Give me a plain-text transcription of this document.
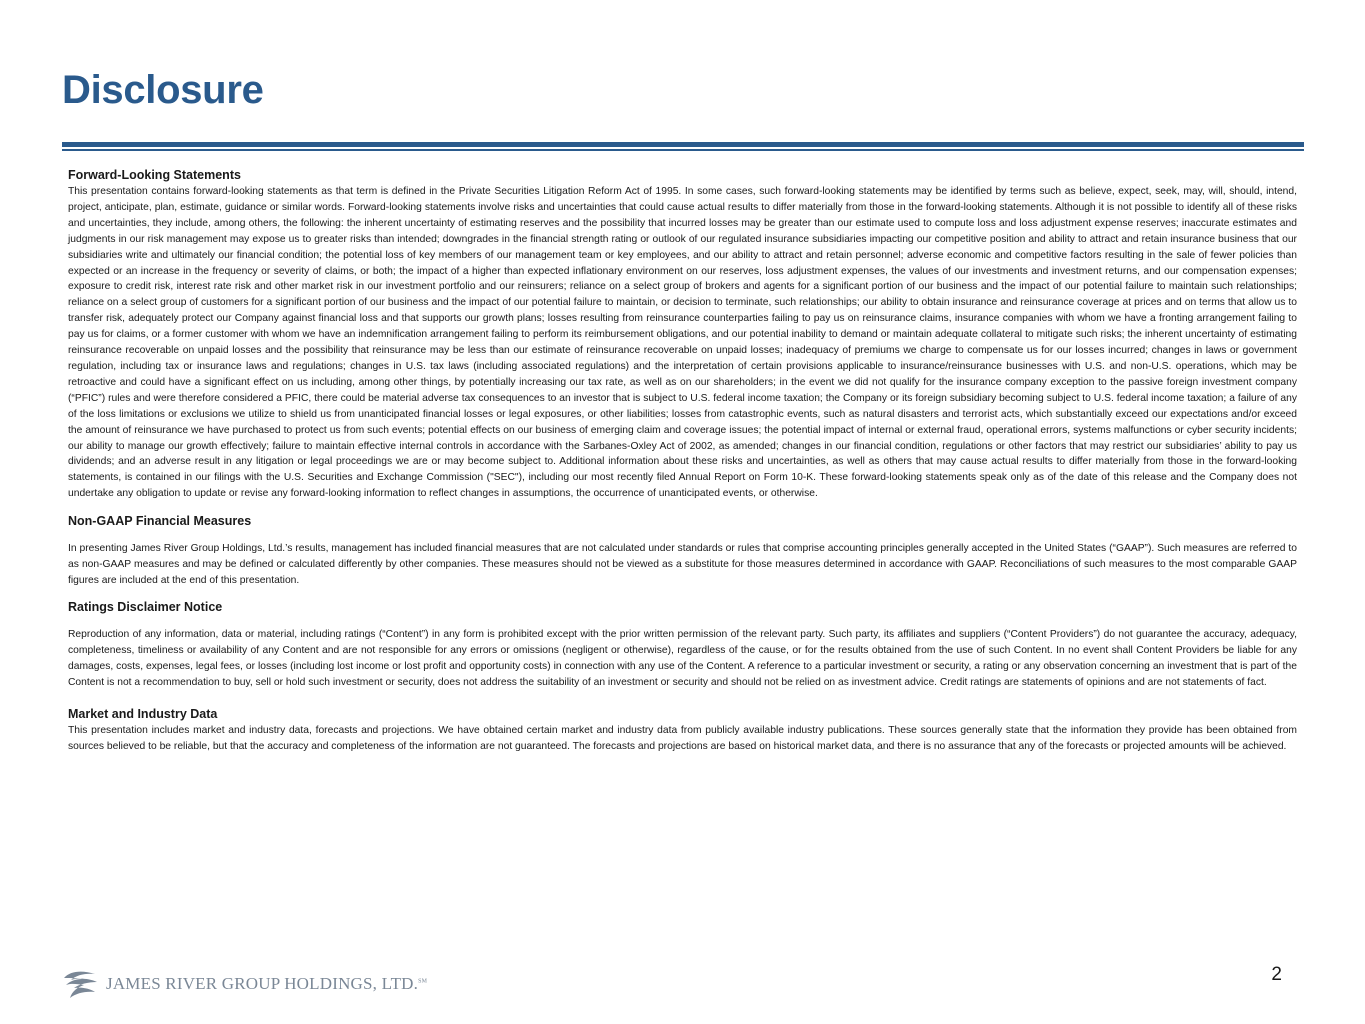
Disclosure
Forward-Looking Statements

This presentation contains forward-looking statements as that term is defined in the Private Securities Litigation Reform Act of 1995. In some cases, such forward-looking statements may be identified by terms such as believe, expect, seek, may, will, should, intend, project, anticipate, plan, estimate, guidance or similar words. Forward-looking statements involve risks and uncertainties that could cause actual results to differ materially from those in the forward-looking statements. Although it is not possible to identify all of these risks and uncertainties, they include, among others, the following: the inherent uncertainty of estimating reserves and the possibility that incurred losses may be greater than our estimate used to compute loss and loss adjustment expense reserves; inaccurate estimates and judgments in our risk management may expose us to greater risks than intended; downgrades in the financial strength rating or outlook of our regulated insurance subsidiaries impacting our competitive position and ability to attract and retain insurance business that our subsidiaries write and ultimately our financial condition; the potential loss of key members of our management team or key employees, and our ability to attract and retain personnel; adverse economic and competitive factors resulting in the sale of fewer policies than expected or an increase in the frequency or severity of claims, or both; the impact of a higher than expected inflationary environment on our reserves, loss adjustment expenses, the values of our investments and investment returns, and our compensation expenses; exposure to credit risk, interest rate risk and other market risk in our investment portfolio and our reinsurers; reliance on a select group of brokers and agents for a significant portion of our business and the impact of our potential failure to maintain such relationships; reliance on a select group of customers for a significant portion of our business and the impact of our potential failure to maintain, or decision to terminate, such relationships; our ability to obtain insurance and reinsurance coverage at prices and on terms that allow us to transfer risk, adequately protect our Company against financial loss and that supports our growth plans; losses resulting from reinsurance counterparties failing to pay us on reinsurance claims, insurance companies with whom we have a fronting arrangement failing to pay us for claims, or a former customer with whom we have an indemnification arrangement failing to perform its reimbursement obligations, and our potential inability to demand or maintain adequate collateral to mitigate such risks; the inherent uncertainty of estimating reinsurance recoverable on unpaid losses and the possibility that reinsurance may be less than our estimate of reinsurance recoverable on unpaid losses; inadequacy of premiums we charge to compensate us for our losses incurred; changes in laws or government regulation, including tax or insurance laws and regulations; changes in U.S. tax laws (including associated regulations) and the interpretation of certain provisions applicable to insurance/reinsurance businesses with U.S. and non-U.S. operations, which may be retroactive and could have a significant effect on us including, among other things, by potentially increasing our tax rate, as well as on our shareholders; in the event we did not qualify for the insurance company exception to the passive foreign investment company (“PFIC”) rules and were therefore considered a PFIC, there could be material adverse tax consequences to an investor that is subject to U.S. federal income taxation; the Company or its foreign subsidiary becoming subject to U.S. federal income taxation; a failure of any of the loss limitations or exclusions we utilize to shield us from unanticipated financial losses or legal exposures, or other liabilities; losses from catastrophic events, such as natural disasters and terrorist acts, which substantially exceed our expectations and/or exceed the amount of reinsurance we have purchased to protect us from such events; potential effects on our business of emerging claim and coverage issues; the potential impact of internal or external fraud, operational errors, systems malfunctions or cyber security incidents; our ability to manage our growth effectively; failure to maintain effective internal controls in accordance with the Sarbanes-Oxley Act of 2002, as amended; changes in our financial condition, regulations or other factors that may restrict our subsidiaries’ ability to pay us dividends; and an adverse result in any litigation or legal proceedings we are or may become subject to. Additional information about these risks and uncertainties, as well as others that may cause actual results to differ materially from those in the forward-looking statements, is contained in our filings with the U.S. Securities and Exchange Commission ("SEC"), including our most recently filed Annual Report on Form 10-K. These forward-looking statements speak only as of the date of this release and the Company does not undertake any obligation to update or revise any forward-looking information to reflect changes in assumptions, the occurrence of unanticipated events, or otherwise.

Non-GAAP Financial Measures

In presenting James River Group Holdings, Ltd.’s results, management has included financial measures that are not calculated under standards or rules that comprise accounting principles generally accepted in the United States (“GAAP”). Such measures are referred to as non-GAAP measures and may be defined or calculated differently by other companies. These measures should not be viewed as a substitute for those measures determined in accordance with GAAP. Reconciliations of such measures to the most comparable GAAP figures are included at the end of this presentation.

Ratings Disclaimer Notice

Reproduction of any information, data or material, including ratings (“Content”) in any form is prohibited except with the prior written permission of the relevant party. Such party, its affiliates and suppliers (“Content Providers”) do not guarantee the accuracy, adequacy, completeness, timeliness or availability of any Content and are not responsible for any errors or omissions (negligent or otherwise), regardless of the cause, or for the results obtained from the use of such Content. In no event shall Content Providers be liable for any damages, costs, expenses, legal fees, or losses (including lost income or lost profit and opportunity costs) in connection with any use of the Content. A reference to a particular investment or security, a rating or any observation concerning an investment that is part of the Content is not a recommendation to buy, sell or hold such investment or security, does not address the suitability of an investment or security and should not be relied on as investment advice. Credit ratings are statements of opinions and are not statements of fact.

Market and Industry Data

This presentation includes market and industry data, forecasts and projections. We have obtained certain market and industry data from publicly available industry publications. These sources generally state that the information they provide has been obtained from sources believed to be reliable, but that the accuracy and completeness of the information are not guaranteed. The forecasts and projections are based on historical market data, and there is no assurance that any of the forecasts or projected amounts will be achieved.

JAMES RIVER GROUP HOLDINGS, LTD.℠	2
